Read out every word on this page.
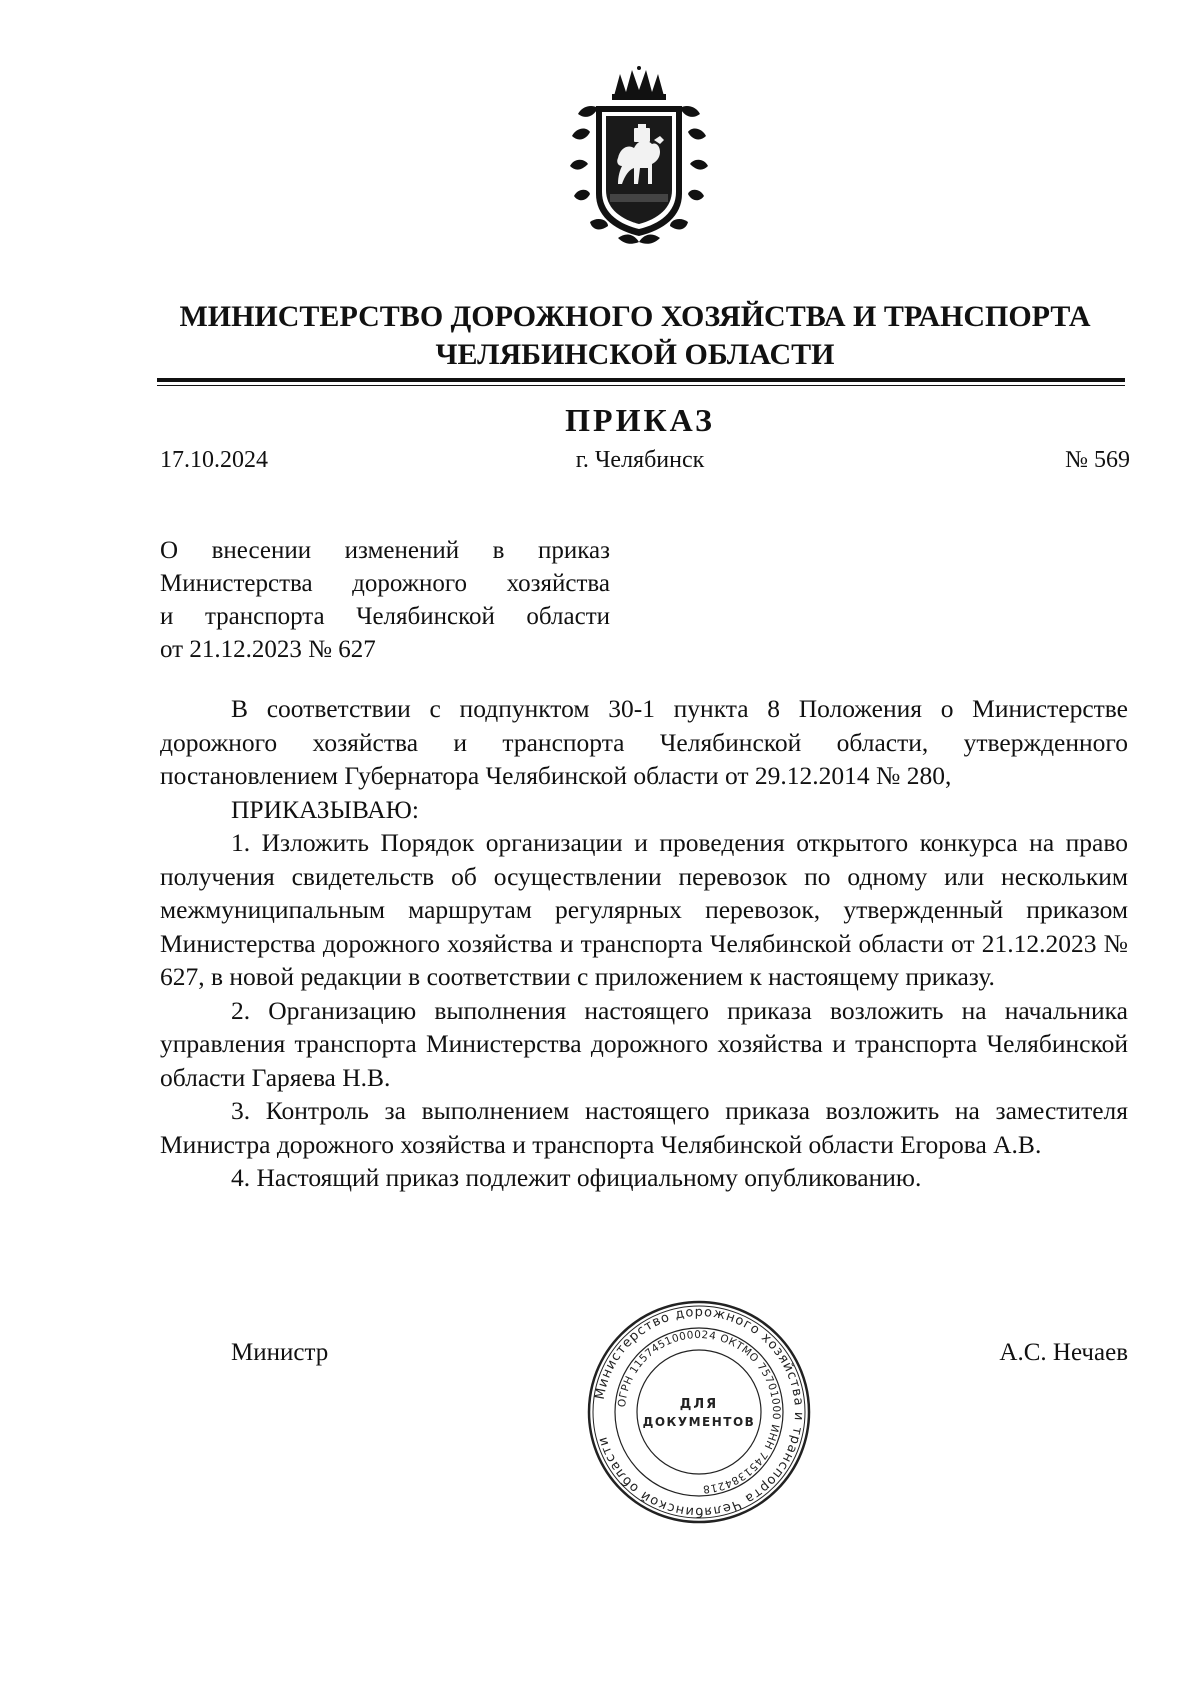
МИНИСТЕРСТВО ДОРОЖНОГО ХОЗЯЙСТВА И ТРАНСПОРТА
ЧЕЛЯБИНСКОЙ ОБЛАСТИ
ПРИКАЗ
17.10.2024	г. Челябинск	№ 569
О внесении изменений в приказ
Министерства дорожного хозяйства
и транспорта Челябинской области
от 21.12.2023 № 627

В соответствии с подпунктом 30-1 пункта 8 Положения о Министерстве дорожного хозяйства и транспорта Челябинской области, утвержденного постановлением Губернатора Челябинской области от 29.12.2014 № 280,

ПРИКАЗЫВАЮ:

1. Изложить Порядок организации и проведения открытого конкурса на право получения свидетельств об осуществлении перевозок по одному или нескольким межмуниципальным маршрутам регулярных перевозок, утвержденный приказом Министерства дорожного хозяйства и транспорта Челябинской области от 21.12.2023 № 627, в новой редакции в соответствии с приложением к настоящему приказу.

2. Организацию выполнения настоящего приказа возложить на начальника управления транспорта Министерства дорожного хозяйства и транспорта Челябинской области Гаряева Н.В.

3. Контроль за выполнением настоящего приказа возложить на заместителя Министра дорожного хозяйства и транспорта Челябинской области Егорова А.В.

4. Настоящий приказ подлежит официальному опубликованию.

Министр	А.С. Нечаев
Министерство дорожного хозяйства и транспорта Челябинской области
ОГРН 1157451000024 ОКТМО 75701000 ИНН 7451384218
ДЛЯ
ДОКУМЕНТОВ
